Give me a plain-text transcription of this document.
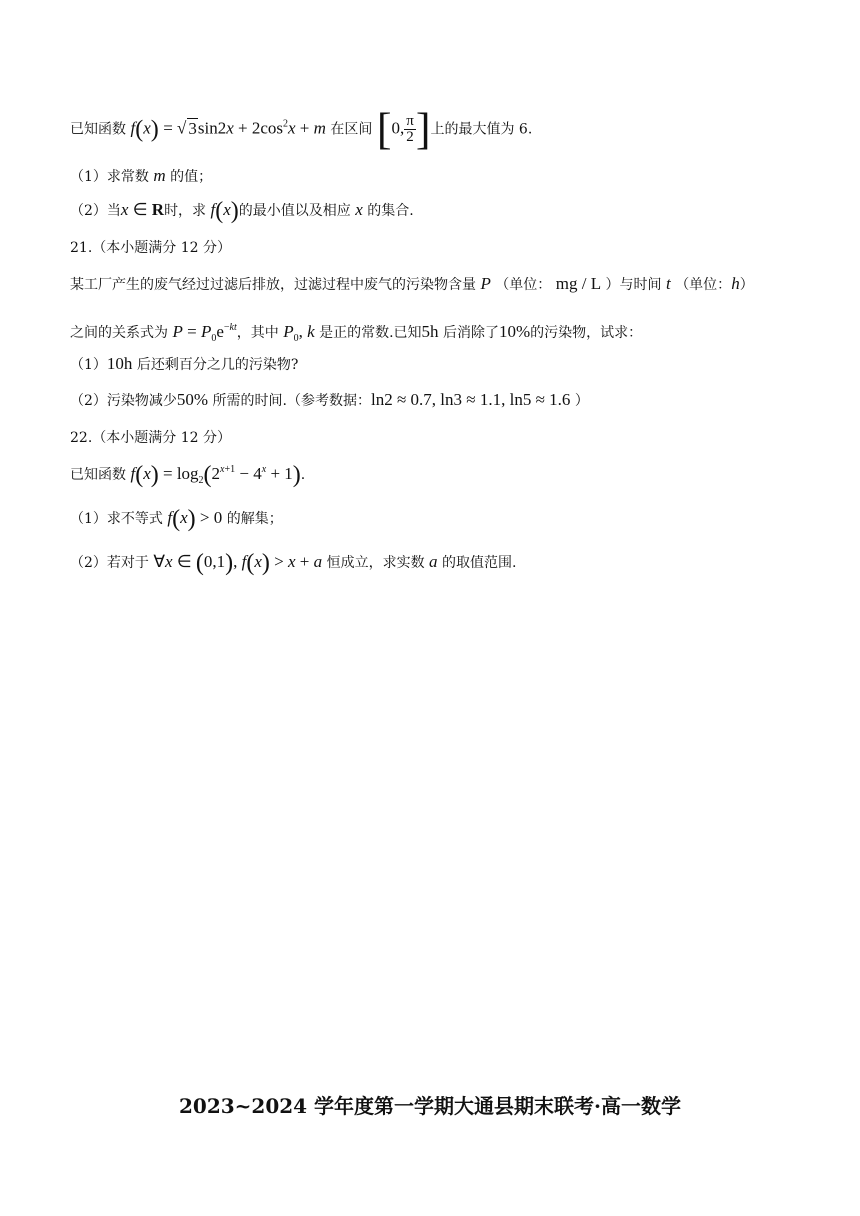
已知函数 f(x) = √ $3\sin 2x + 2\cos^2x + m$ 在区间 [0, $\frac{\pi}{2}$ ]上的最大值为 6.
（1）求常数 m 的值；
（2）当x ∈ R时，求 f(x)的最小值以及相应 x 的集合.
21.（本小题满分 12 分）
某工厂产生的废气经过过滤后排放，过滤过程中废气的污染物含量 P （单位： mg / L ）与时间 t （单位：h）
之间的关系式为 $P = P_0e^{-kt}$，其中 $P_0$, k 是正的常数.已知5h 后消除了10%的污染物，试求：
（1）10h 后还剩百分之几的污染物?
（2）污染物减少50% 所需的时间.（参考数据：ln2 ≈ 0.7, ln3 ≈ 1.1, ln5 ≈ 1.6 ）
22.（本小题满分 12 分）
已知函数 $f(x) = \log_2(2^{x+1} - 4^x + 1)$.
（1）求不等式 f(x) > 0 的解集；
（2）若对于 ∀x ∈ (0,1), f(x) > x + a 恒成立，求实数 a 的取值范围.
2023~2024 学年度第一学期大通县期末联考·高一数学
